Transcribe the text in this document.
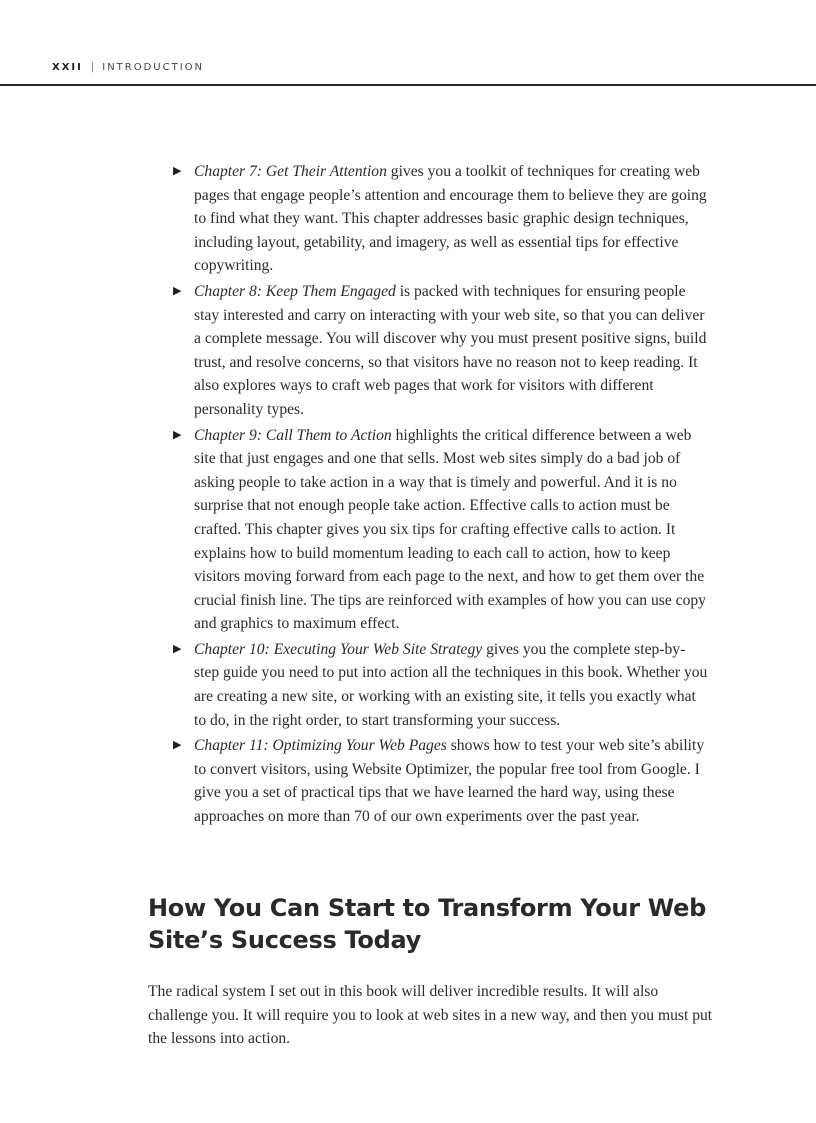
XXII | INTRODUCTION
▶ Chapter 7: Get Their Attention gives you a toolkit of techniques for creating web pages that engage people’s attention and encourage them to believe they are going to find what they want. This chapter addresses basic graphic design techniques, including layout, getability, and imagery, as well as essential tips for effective copywriting.
▶ Chapter 8: Keep Them Engaged is packed with techniques for ensuring people stay interested and carry on interacting with your web site, so that you can deliver a complete message. You will discover why you must present positive signs, build trust, and resolve concerns, so that visitors have no reason not to keep reading. It also explores ways to craft web pages that work for visitors with different personality types.
▶ Chapter 9: Call Them to Action highlights the critical difference between a web site that just engages and one that sells. Most web sites simply do a bad job of asking people to take action in a way that is timely and powerful. And it is no surprise that not enough people take action. Effective calls to action must be crafted. This chapter gives you six tips for crafting effective calls to action. It explains how to build momentum leading to each call to action, how to keep visitors moving forward from each page to the next, and how to get them over the crucial finish line. The tips are reinforced with examples of how you can use copy and graphics to maximum effect.
▶ Chapter 10: Executing Your Web Site Strategy gives you the complete step-by-step guide you need to put into action all the techniques in this book. Whether you are creating a new site, or working with an existing site, it tells you exactly what to do, in the right order, to start transforming your success.
▶ Chapter 11: Optimizing Your Web Pages shows how to test your web site’s ability to convert visitors, using Website Optimizer, the popular free tool from Google. I give you a set of practical tips that we have learned the hard way, using these approaches on more than 70 of our own experiments over the past year.
How You Can Start to Transform Your Web Site’s Success Today

The radical system I set out in this book will deliver incredible results. It will also challenge you. It will require you to look at web sites in a new way, and then you must put the lessons into action.
